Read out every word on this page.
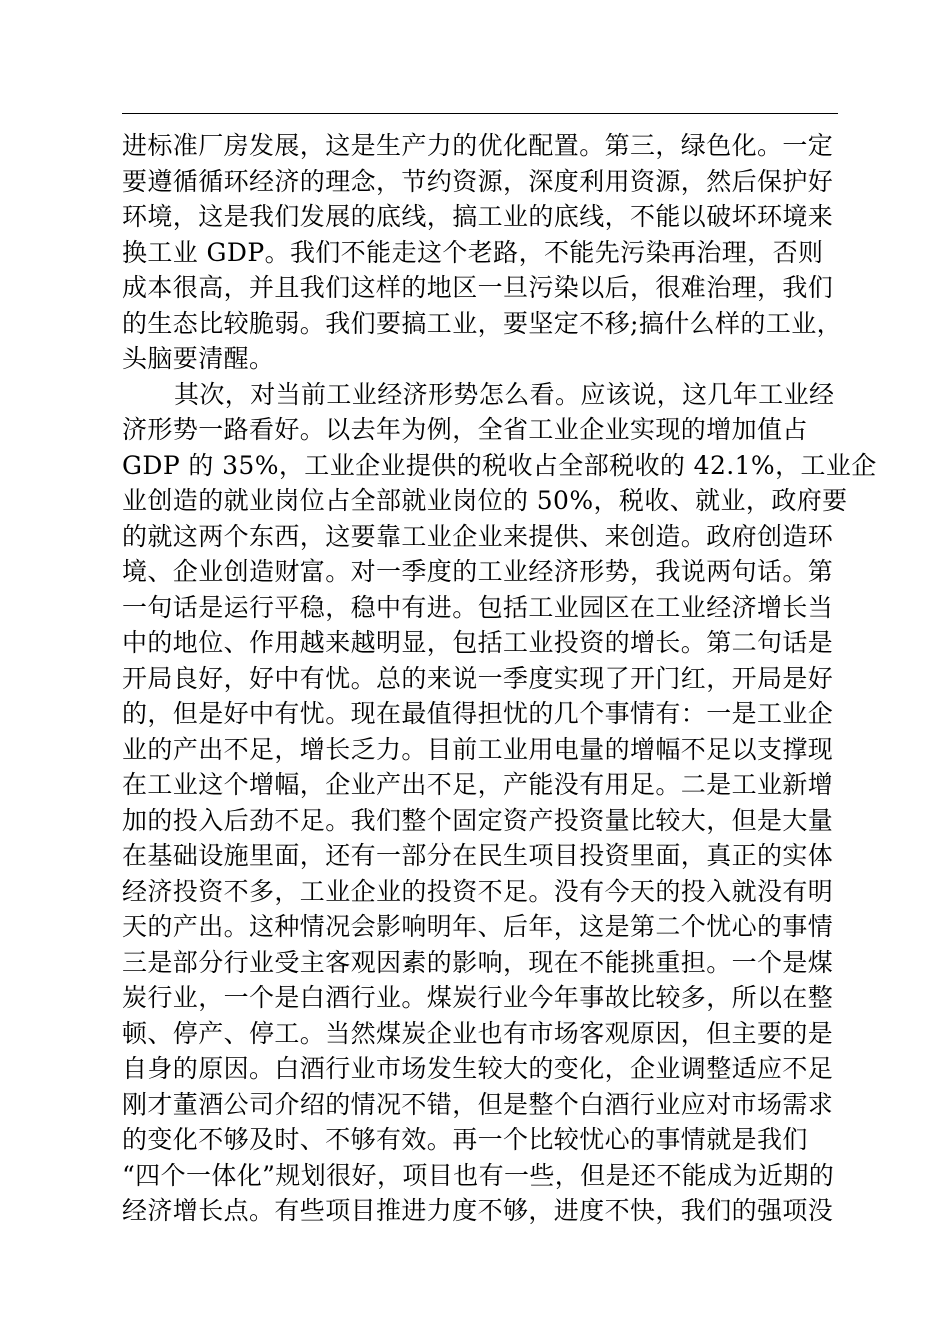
进标准厂房发展，这是生产力的优化配置。第三，绿色化。一定
要遵循循环经济的理念，节约资源，深度利用资源，然后保护好
环境，这是我们发展的底线，搞工业的底线，不能以破坏环境来
换工业 GDP。我们不能走这个老路，不能先污染再治理，否则
成本很高，并且我们这样的地区一旦污染以后，很难治理，我们
的生态比较脆弱。我们要搞工业，要坚定不移;搞什么样的工业，
头脑要清醒。
其次，对当前工业经济形势怎么看。应该说，这几年工业经
济形势一路看好。以去年为例，全省工业企业实现的增加值占
GDP 的 35%，工业企业提供的税收占全部税收的 42.1%，工业企
业创造的就业岗位占全部就业岗位的 50%，税收、就业，政府要
的就这两个东西，这要靠工业企业来提供、来创造。政府创造环
境、企业创造财富。对一季度的工业经济形势，我说两句话。第
一句话是运行平稳，稳中有进。包括工业园区在工业经济增长当
中的地位、作用越来越明显，包括工业投资的增长。第二句话是
开局良好，好中有忧。总的来说一季度实现了开门红，开局是好
的，但是好中有忧。现在最值得担忧的几个事情有：一是工业企
业的产出不足，增长乏力。目前工业用电量的增幅不足以支撑现
在工业这个增幅，企业产出不足，产能没有用足。二是工业新增
加的投入后劲不足。我们整个固定资产投资量比较大，但是大量
在基础设施里面，还有一部分在民生项目投资里面，真正的实体
经济投资不多，工业企业的投资不足。没有今天的投入就没有明
天的产出。这种情况会影响明年、后年，这是第二个忧心的事情
三是部分行业受主客观因素的影响，现在不能挑重担。一个是煤
炭行业，一个是白酒行业。煤炭行业今年事故比较多，所以在整
顿、停产、停工。当然煤炭企业也有市场客观原因，但主要的是
自身的原因。白酒行业市场发生较大的变化，企业调整适应不足
刚才董酒公司介绍的情况不错，但是整个白酒行业应对市场需求
的变化不够及时、不够有效。再一个比较忧心的事情就是我们
“四个一体化”规划很好，项目也有一些，但是还不能成为近期的
经济增长点。有些项目推进力度不够，进度不快，我们的强项没
